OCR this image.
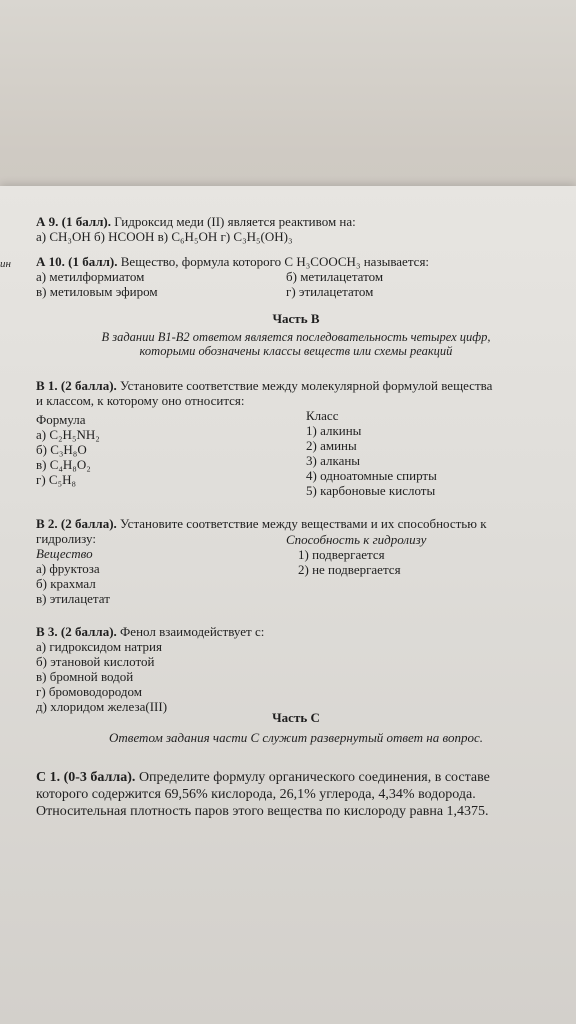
ин
А 9. (1 балл). Гидроксид меди (II) является реактивом на:
а) СН₃ОН б) НСООН в) С₆Н₅ОН г) С₃Н₅(ОН)₃
А 10. (1 балл). Вещество, формула которого С Н₃СООСН₃ называется:
а) метилформиатом
в) метиловым эфиром
б) метилацетатом
г) этилацетатом
Часть В
В задании В1-В2 ответом является последовательность четырех цифр,
которыми обозначены классы веществ или схемы реакций
В 1. (2 балла). Установите соответствие между молекулярной формулой вещества
и классом, к которому оно относится:
Формула
а) С₂Н₅NН₂
б) С₃Н₈О
в) С₄Н₈О₂
г) С₅Н₈
Класс
1) алкины
2) амины
3) алканы
4) одноатомные спирты
5) карбоновые кислоты
В 2. (2 балла). Установите соответствие между веществами и их способностью к
гидролизу:
Вещество
а) фруктоза
б) крахмал
в) этилацетат
Способность к гидролизу
1) подвергается
2) не подвергается
В 3. (2 балла). Фенол взаимодействует с:
а) гидроксидом натрия
б) этановой кислотой
в) бромной водой
г) бромоводородом
д) хлоридом железа(III)
Часть С
Ответом задания части С служит развернутый ответ на вопрос.
С 1. (0-3 балла). Определите формулу органического соединения, в составе
которого содержится 69,56% кислорода, 26,1% углерода, 4,34% водорода.
Относительная плотность паров этого вещества по кислороду равна 1,4375.
